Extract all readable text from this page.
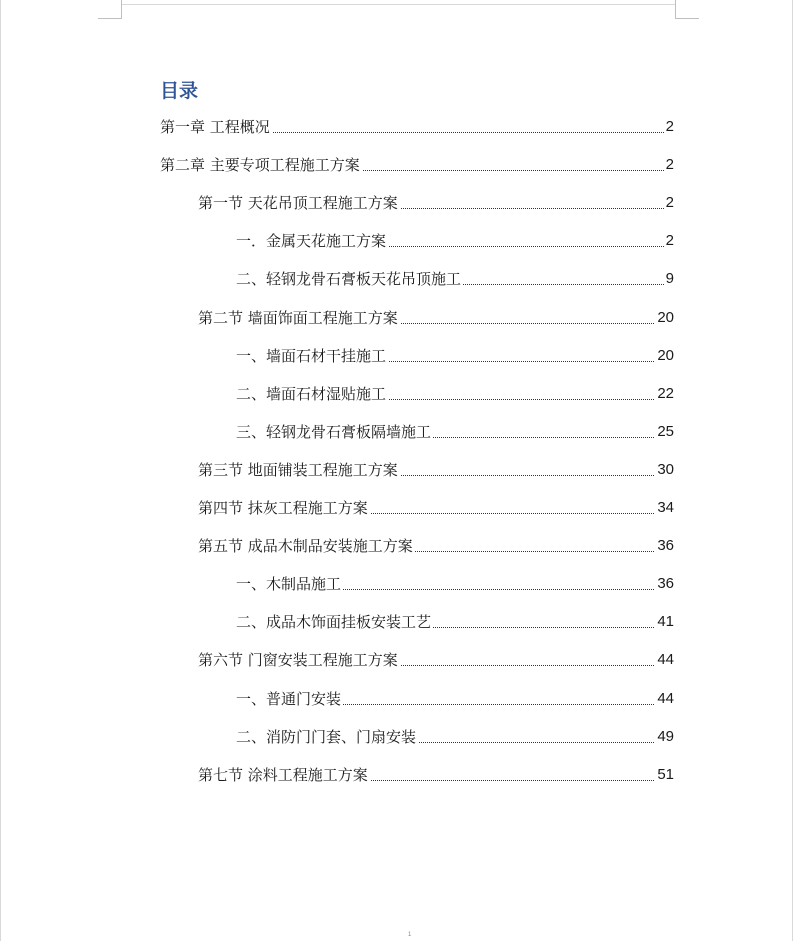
目录
第一章 工程概况	2
第二章 主要专项工程施工方案	2
第一节 天花吊顶工程施工方案	2
一．金属天花施工方案	2
二、轻钢龙骨石膏板天花吊顶施工	9
第二节 墙面饰面工程施工方案	20
一、墙面石材干挂施工	20
二、墙面石材湿贴施工	22
三、轻钢龙骨石膏板隔墙施工	25
第三节 地面铺装工程施工方案	30
第四节 抹灰工程施工方案	34
第五节 成品木制品安装施工方案	36
一、木制品施工	36
二、成品木饰面挂板安装工艺	41
第六节 门窗安装工程施工方案	44
一、普通门安装	44
二、消防门门套、门扇安装	49
第七节 涂料工程施工方案	51
1
